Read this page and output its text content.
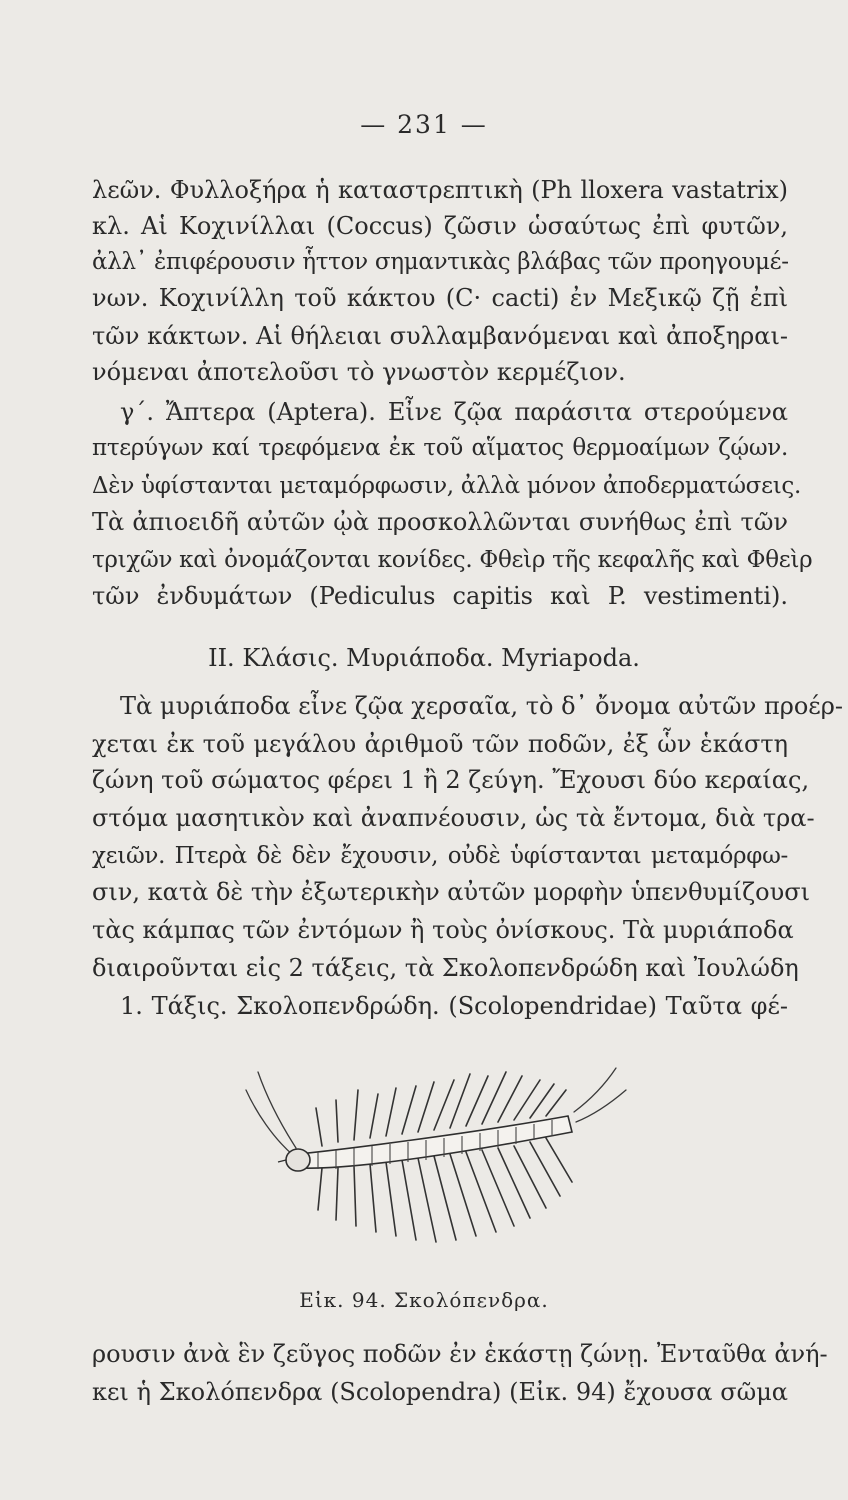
— 231 —
λεῶν. Φυλλοξήρα ἡ καταστρεπτικὴ (Ph lloxera vastatrix)
κλ. Αἱ Κοχινίλλαι (Coccus) ζῶσιν ὡσαύτως ἐπὶ φυτῶν,
ἀλλ᾽ ἐπιφέρουσιν ἧττον σημαντικὰς βλάβας τῶν προηγουμέ-
νων. Κοχινίλλη τοῦ κάκτου (C· cacti) ἐν Μεξικῷ ζῇ ἐπὶ
τῶν κάκτων. Αἱ θήλειαι συλλαμβανόμεναι καὶ ἀποξηραι-
νόμεναι ἀποτελοῦσι τὸ γνωστὸν κερμέζιον.
γ´. Ἄπτερα (Aptera). Εἶνε ζῷα παράσιτα στερούμενα
πτερύγων καί τρεφόμενα ἐκ τοῦ αἵματος θερμοαίμων ζῴων.
Δὲν ὑφίστανται μεταμόρφωσιν, ἀλλὰ μόνον ἀποδερματώσεις.
Τὰ ἀπιοειδῆ αὐτῶν ᾠὰ προσκολλῶνται συνήθως ἐπὶ τῶν
τριχῶν καὶ ὀνομάζονται κονίδες. Φθεὶρ τῆς κεφαλῆς καὶ Φθεὶρ
τῶν ἐνδυμάτων (Pediculus capitis καὶ P. vestimenti).
II. Κλάσις. Μυριάποδα. Myriapoda.
Τὰ μυριάποδα εἶνε ζῷα χερσαῖα, τὸ δ᾽ ὄνομα αὐτῶν προέρ-
χεται ἐκ τοῦ μεγάλου ἀριθμοῦ τῶν ποδῶν, ἐξ ὧν ἑκάστη
ζώνη τοῦ σώματος φέρει 1 ἢ 2 ζεύγη. Ἔχουσι δύο κεραίας,
στόμα μασητικὸν καὶ ἀναπνέουσιν, ὡς τὰ ἔντομα, διὰ τρα-
χειῶν. Πτερὰ δὲ δὲν ἔχουσιν, οὐδὲ ὑφίστανται μεταμόρφω-
σιν, κατὰ δὲ τὴν ἐξωτερικὴν αὐτῶν μορφὴν ὑπενθυμίζουσι
τὰς κάμπας τῶν ἐντόμων ἢ τοὺς ὀνίσκους. Τὰ μυριάποδα
διαιροῦνται εἰς 2 τάξεις, τὰ Σκολοπενδρώδη καὶ Ἰουλώδη
1. Τάξις. Σκολοπενδρώδη. (Scolopendridae) Ταῦτα φέ-
Εἰκ. 94. Σκολόπενδρα.
ρουσιν ἀνὰ ἓν ζεῦγος ποδῶν ἐν ἑκάστῃ ζώνῃ. Ἐνταῦθα ἀνή-
κει ἡ Σκολόπενδρα (Scolopendra) (Εἰκ. 94) ἔχουσα σῶμα
